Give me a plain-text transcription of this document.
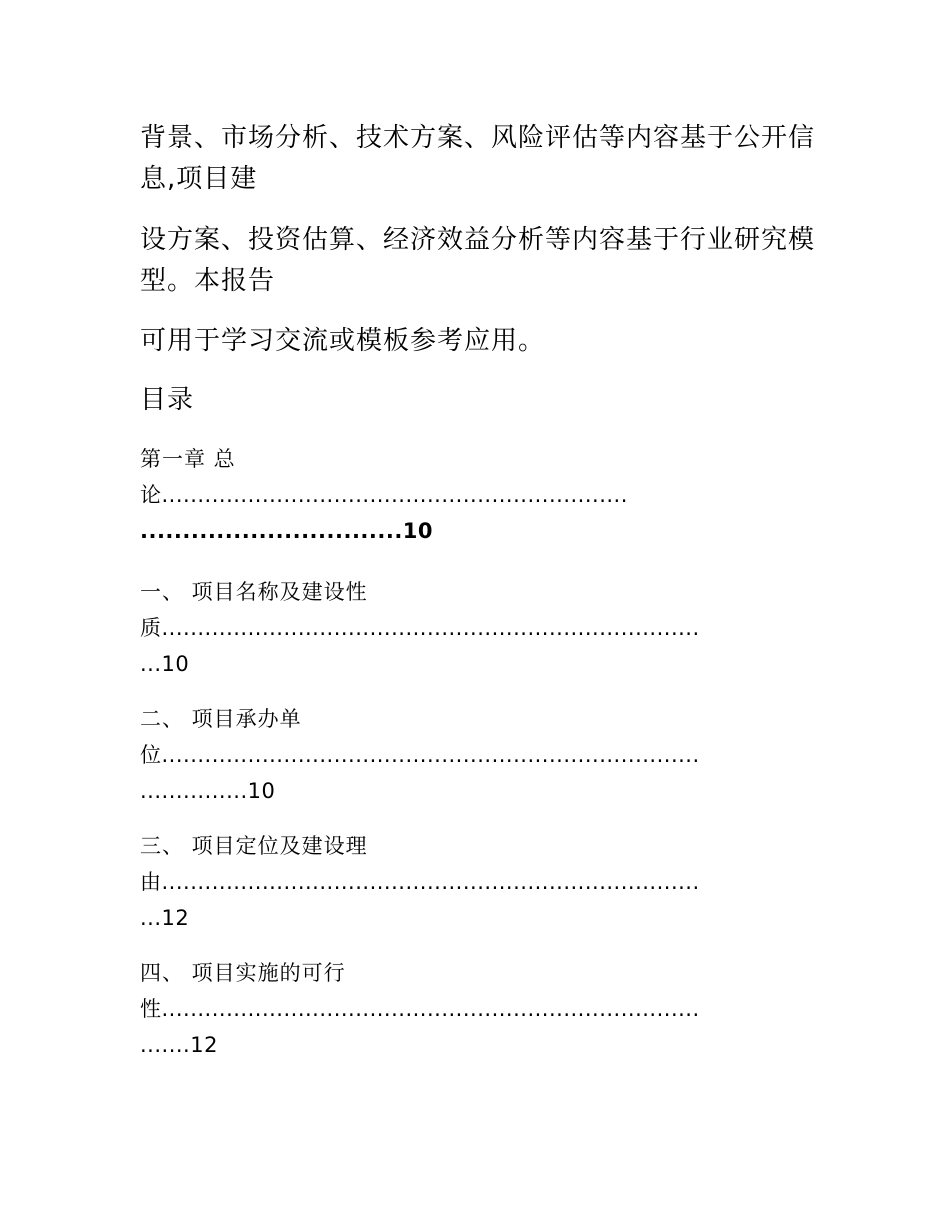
背景、市场分析、技术方案、风险评估等内容基于公开信息,项目建

设方案、投资估算、经济效益分析等内容基于行业研究模型。本报告

可用于学习交流或模板参考应用。

目录
第一章 总
论.................................................................
...............................10
一、 项目名称及建设性
质...........................................................................
...10
二、 项目承办单
位...........................................................................
...............10
三、 项目定位及建设理
由...........................................................................
...12
四、 项目实施的可行
性...........................................................................
.......12
